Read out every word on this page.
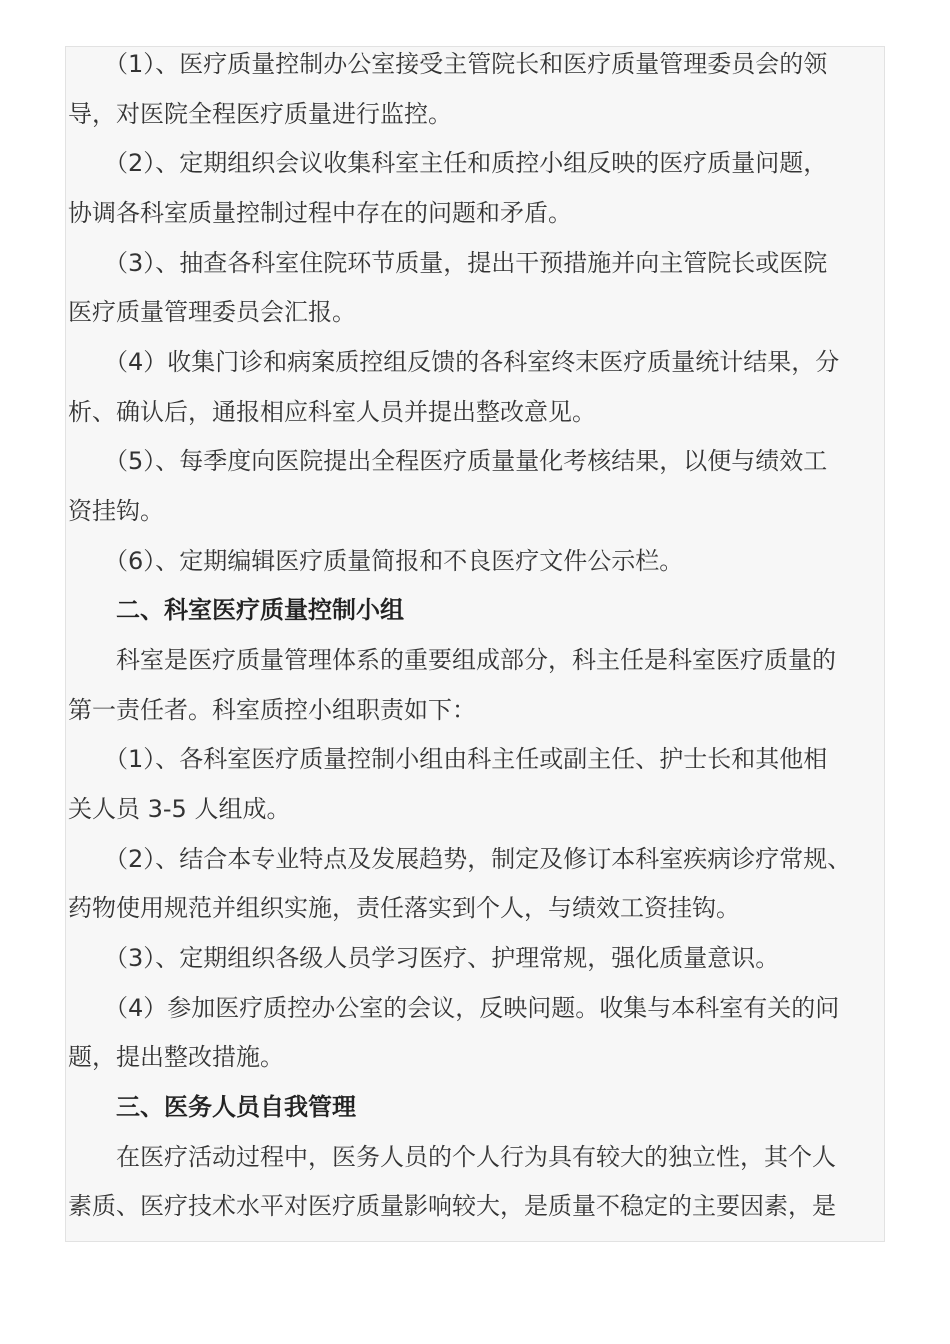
　　（1）、医疗质量控制办公室接受主管院长和医疗质量管理委员会的领
导，对医院全程医疗质量进行监控。
　　（2）、定期组织会议收集科室主任和质控小组反映的医疗质量问题，
协调各科室质量控制过程中存在的问题和矛盾。
　　（3）、抽查各科室住院环节质量，提出干预措施并向主管院长或医院
医疗质量管理委员会汇报。
　　（4）收集门诊和病案质控组反馈的各科室终末医疗质量统计结果，分
析、确认后，通报相应科室人员并提出整改意见。
　　（5）、每季度向医院提出全程医疗质量量化考核结果，以便与绩效工
资挂钩。
　　（6）、定期编辑医疗质量简报和不良医疗文件公示栏。
　　二、科室医疗质量控制小组
　　科室是医疗质量管理体系的重要组成部分，科主任是科室医疗质量的
第一责任者。科室质控小组职责如下：
　　（1）、各科室医疗质量控制小组由科主任或副主任、护士长和其他相
关人员 3-5 人组成。
　　（2）、结合本专业特点及发展趋势，制定及修订本科室疾病诊疗常规、
药物使用规范并组织实施，责任落实到个人，与绩效工资挂钩。
　　（3）、定期组织各级人员学习医疗、护理常规，强化质量意识。
　　（4）参加医疗质控办公室的会议，反映问题。收集与本科室有关的问
题，提出整改措施。
　　三、医务人员自我管理
　　在医疗活动过程中，医务人员的个人行为具有较大的独立性，其个人
素质、医疗技术水平对医疗质量影响较大，是质量不稳定的主要因素，是
